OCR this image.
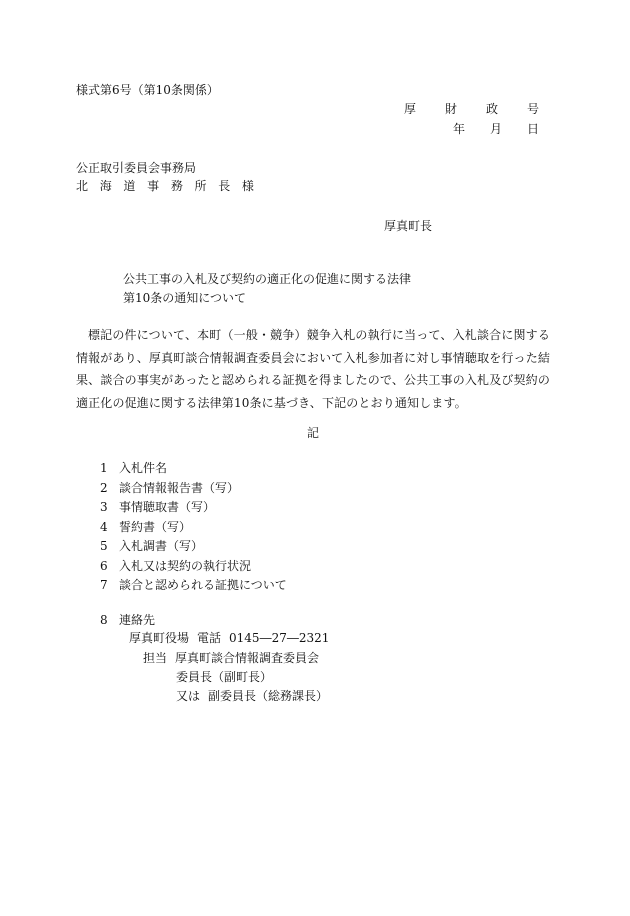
様式第6号（第10条関係）
厚 財 政 号
年 月 日
公正取引委員会事務局
北 海 道 事 務 所 長 様
厚真町長
公共工事の入札及び契約の適正化の促進に関する法律
第10条の通知について
標記の件について、本町（一般・競争）競争入札の執行に当って、入札談合に関する情報があり、厚真町談合情報調査委員会において入札参加者に対し事情聴取を行った結果、談合の事実があったと認められる証拠を得ましたので、公共工事の入札及び契約の適正化の促進に関する法律第10条に基づき、下記のとおり通知します。
記
1 入札件名
2 談合情報報告書（写）
3 事情聴取書（写）
4 誓約書（写）
5 入札調書（写）
6 入札又は契約の執行状況
7 談合と認められる証拠について
8 連絡先
厚真町役場 電話 0145―27―2321
担当 厚真町談合情報調査委員会
委員長（副町長）
又は 副委員長（総務課長）
